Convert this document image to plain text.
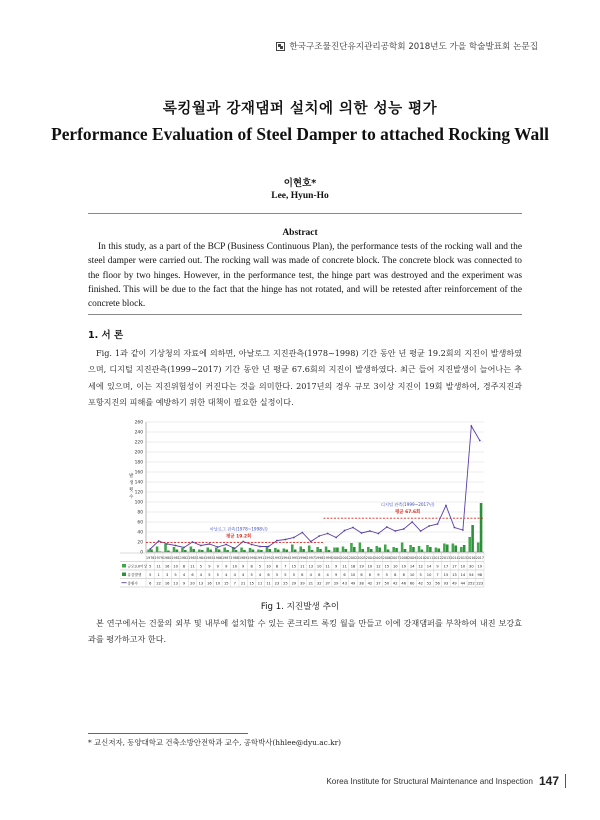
한국구조물진단유지관리공학회 2018년도 가을 학술발표회 논문집
록킹월과 강재댐퍼 설치에 의한 성능 평가
Performance Evaluation of Steel Damper to attached Rocking Wall
이현호*
Lee, Hyun-Ho
Abstract
In this study, as a part of the BCP (Business Continuous Plan), the performance tests of the rocking wall and the steel damper were carried out. The rocking wall was made of concrete block. The concrete block was connected to the floor by two hinges. However, in the performance test, the hinge part was destroyed and the experiment was finished. This will be due to the fact that the hinge has not rotated, and will be retested after reinforcement of the concrete block.
1. 서 론
Fig. 1과 같이 기상청의 자료에 의하면, 아날로그 지진관측(1978~1998) 기간 동안 년 평균 19.2회의 지진이 발생하였으며, 디지털 지진관측(1999~2017) 기간 동안 년 평균 67.6회의 지진이 발생하였다. 최근 들어 지진발생이 늘어나는 추세에 있으며, 이는 지진위험성이 커진다는 것을 의미한다. 2017년의 경우 규모 3이상 지진이 19회 발생하여, 경주지진과 포항지진의 피해를 예방하기 위한 대책이 필요한 실정이다.
0
20
40
60
80
100
120
140
160
180
200
220
240
260
발 생 횟 수
아날로그 관측(1978~1998년)
평균 19.2회
디지털 관측(1999~2017년)
평균 67.6회
1978 1979 1980 1981 1982 1983 1984 1985 1986 1987 1988 1989 1990 1991 1992 1993 1994 1995 1996 1997 1998 1999 2000 2001 2002 2003 2004 2005 2006 2007 2008 2009 2010 2011 2012 2013 2014 2015 2016 2017
규모3.0이상 5 11 16 10 8 11 5 9 9 9 10 9 8 5 10 8 7 15 11 13 10 11 9 11 18 19 10 12 15 10 19 14 12 14 9 17 17 10 30 19
유감발생 5 1 3 5 4 6 4 5 5 4 4 4 5 4 6 5 5 5 6 4 6 4 9 6 10 6 6 9 5 8 6 10 5 10 7 15 13 14 54 98
총횟수	6 22 16 13 9 20 13 16 10 15 7 21 15 11 11 23 25 29 39 21 32 37 29 43 49 38 42 37 50 42 46 60 42 52 56 93 49 44 252 223
Fig 1. 지진발생 추이
본 연구에서는 건물의 외부 및 내부에 설치할 수 있는 콘크리트 록킹 월을 만들고 이에 강재댐퍼를 부착하여 내진 보강효과를 평가하고자 한다.
* 교신저자, 동양대학교 건축소방안전학과 교수, 공학박사(hhlee@dyu.ac.kr)
Korea Institute for Structural Maintenance and Inspection 147
